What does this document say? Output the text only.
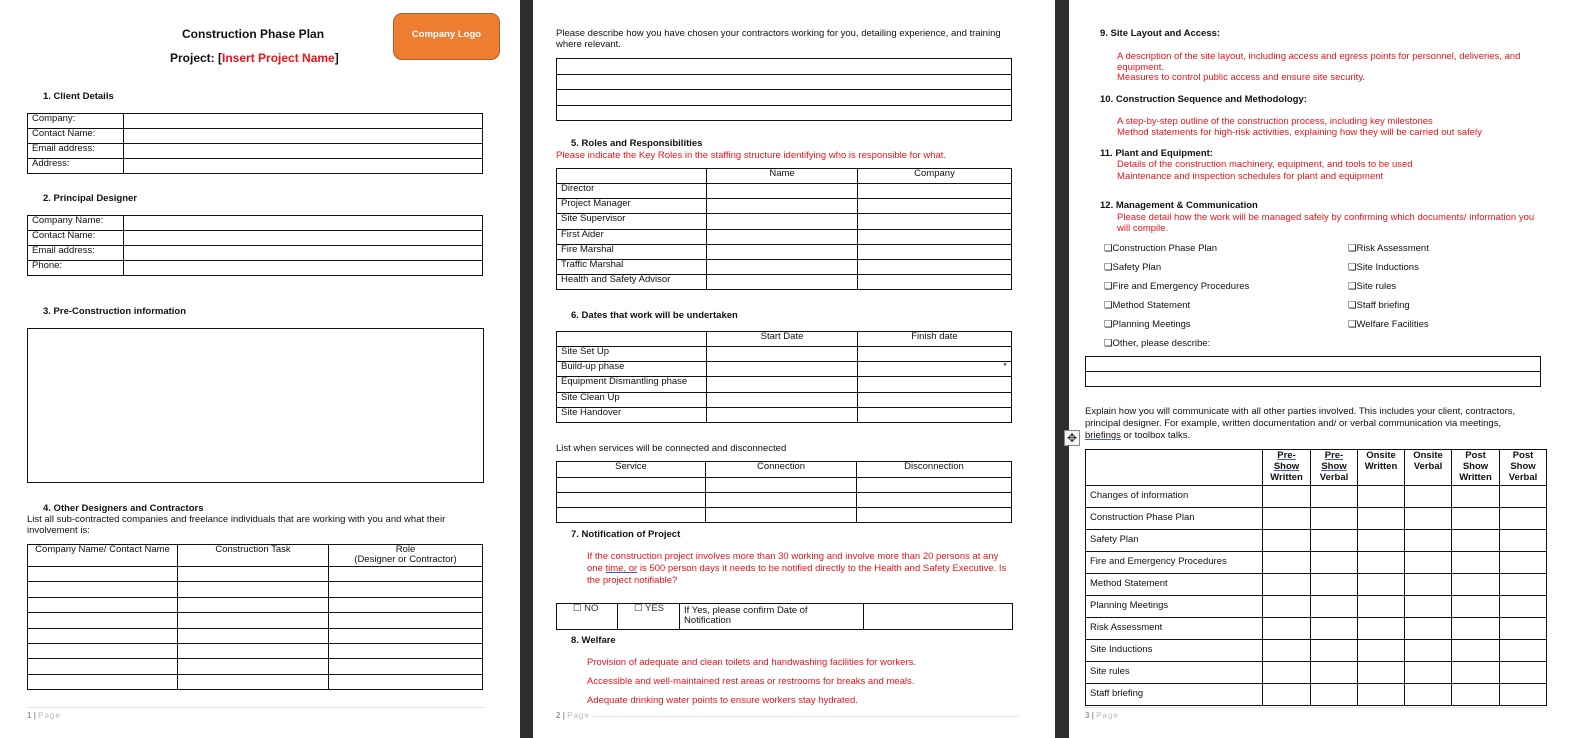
Construction Phase Plan
Project: [Insert Project Name]
Company Logo
1. Client Details
Company:	
Contact Name:	
Email address:	
Address:	
2. Principal Designer
Company Name:	
Contact Name:	
Email address:	
Phone:	
3. Pre-Construction information
4. Other Designers and Contractors
List all sub-contracted companies and freelance individuals that are working with you and what their
involvement is:
Company Name/ Contact Name	Construction Task	Role
(Designer or Contractor)

1 | Page
Please describe how you have chosen your contractors working for you, detailing experience, and training
where relevant.

5. Roles and Responsibilities
Please indicate the Key Roles in the staffing structure identifying who is responsible for what.
	Name	Company
Director		
Project Manager		
Site Supervisor		
First Aider		
Fire Marshal		
Traffic Marshal		
Health and Safety Advisor		
6. Dates that work will be undertaken
	Start Date	Finish date
Site Set Up		
Build-up phase		*
Equipment Dismantling phase		
Site Clean Up		
Site Handover		
List when services will be connected and disconnected
Service	Connection	Disconnection

7. Notification of Project
If the construction project involves more than 30 working and involve more than 20 persons at any
one time, or is 500 person days it needs to be notified directly to the Health and Safety Executive. Is
the project notifiable?
☐ NO	☐ YES	If Yes, please confirm Date of
Notification	
8. Welfare
Provision of adequate and clean toilets and handwashing facilities for workers.
Accessible and well-maintained rest areas or restrooms for breaks and meals.
Adequate drinking water points to ensure workers stay hydrated.
2 | Page
9. Site Layout and Access:
A description of the site layout, including access and egress points for personnel, deliveries, and
equipment.
Measures to control public access and ensure site security.
10. Construction Sequence and Methodology:
A step-by-step outline of the construction process, including key milestones
Method statements for high-risk activities, explaining how they will be carried out safely
11. Plant and Equipment:
Details of the construction machinery, equipment, and tools to be used
Maintenance and inspection schedules for plant and equipment
12. Management & Communication
Please detail how the work will be managed safely by confirming which documents/ information you
will compile.
❑Construction Phase Plan
❑Safety Plan
❑Fire and Emergency Procedures
❑Method Statement
❑Planning Meetings
❑Other, please describe:
❑Risk Assessment
❑Site Inductions
❑Site rules
❑Staff briefing
❑Welfare Facilities

Explain how you will communicate with all other parties involved. This includes your client, contractors,
principal designer. For example, written documentation and/ or verbal communication via meetings,
briefings or toolbox talks.
✥

	Pre-
Show
Written	Pre-
Show
Verbal	Onsite
Written	Onsite
Verbal	Post
Show
Written	Post
Show
Verbal

Changes of information						
Construction Phase Plan						
Safety Plan						
Fire and Emergency Procedures						
Method Statement						
Planning Meetings						
Risk Assessment						
Site Inductions						
Site rules						
Staff briefing						
3 | Page
